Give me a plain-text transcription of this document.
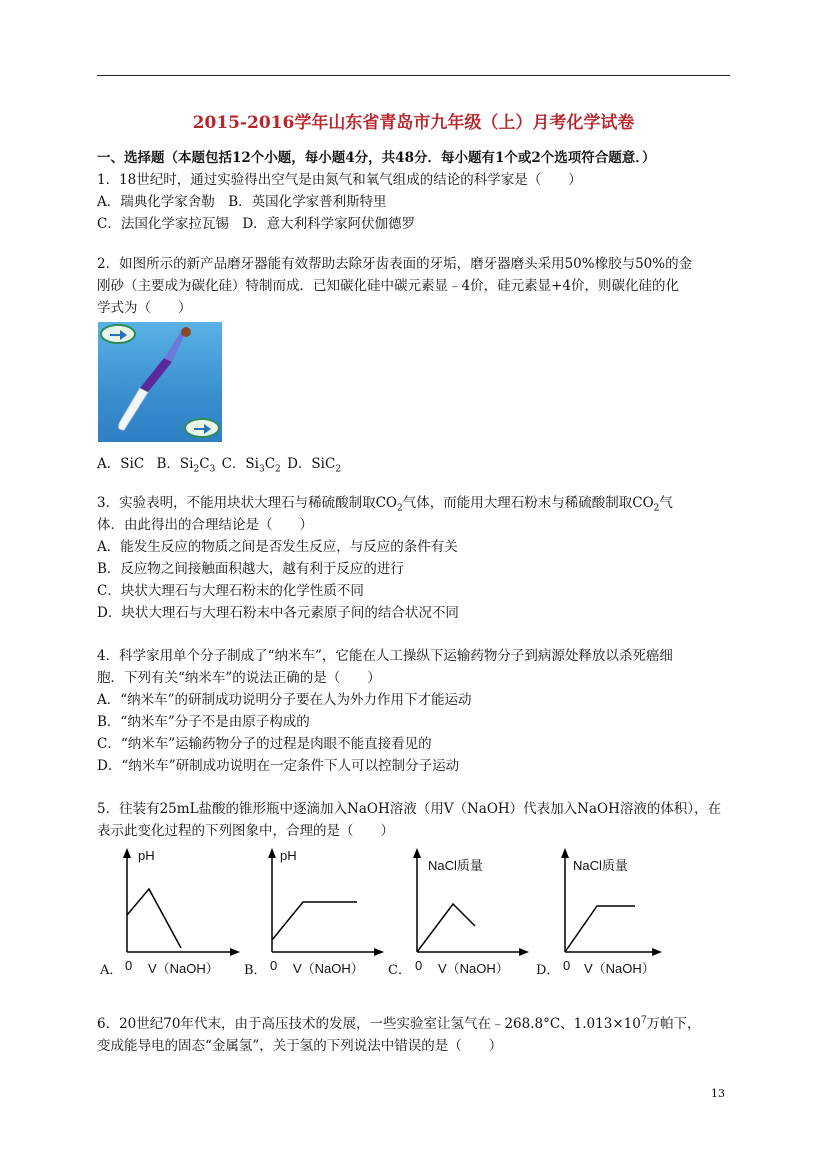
2015-2016学年山东省青岛市九年级（上）月考化学试卷
一、选择题（本题包括12个小题，每小题4分，共48分．每小题有1个或2个选项符合题意．）
1．18世纪时，通过实验得出空气是由氮气和氧气组成的结论的科学家是（　　）
A．瑞典化学家舍勒　B．英国化学家普利斯特里
C．法国化学家拉瓦锡　D．意大利科学家阿伏伽德罗
2．如图所示的新产品磨牙器能有效帮助去除牙齿表面的牙垢，磨牙器磨头采用50%橡胶与50%的金
刚砂（主要成为碳化硅）特制而成．已知碳化硅中碳元素显﹣4价，硅元素显+4价，则碳化硅的化
学式为（　　）
A．SiC B．$Si_2C_3$ C．$Si_3C_2$ D．SiC$_2$
3．实验表明，不能用块状大理石与稀硫酸制取$CO_2$气体，而能用大理石粉末与稀硫酸制取$CO_2$气
体．由此得出的合理结论是（　　）
A．能发生反应的物质之间是否发生反应，与反应的条件有关
B．反应物之间接触面积越大，越有利于反应的进行
C．块状大理石与大理石粉末的化学性质不同
D．块状大理石与大理石粉末中各元素原子间的结合状况不同
4．科学家用单个分子制成了“纳米车”，它能在人工操纵下运输药物分子到病源处释放以杀死癌细
胞．下列有关“纳米车”的说法正确的是（　　）
A．“纳米车”的研制成功说明分子要在人为外力作用下才能运动
B．“纳米车”分子不是由原子构成的
C．“纳米车”运输药物分子的过程是肉眼不能直接看见的
D．“纳米车”研制成功说明在一定条件下人可以控制分子运动
5．往装有25mL盐酸的锥形瓶中逐滴加入NaOH溶液（用V（NaOH）代表加入NaOH溶液的体积），在
表示此变化过程的下列图象中，合理的是（　　）
pH
A． 0 V（NaOH）
pH
B． 0 V（NaOH）
NaCl质量
C． 0 V（NaOH）
NaCl质量
D． 0 V（NaOH）
6．20世纪70年代末，由于高压技术的发展，一些实验室让氢气在﹣268.8°C、$1.013\times 10^7$万帕下，
变成能导电的固态“金属氢”，关于氢的下列说法中错误的是（　　）
13
